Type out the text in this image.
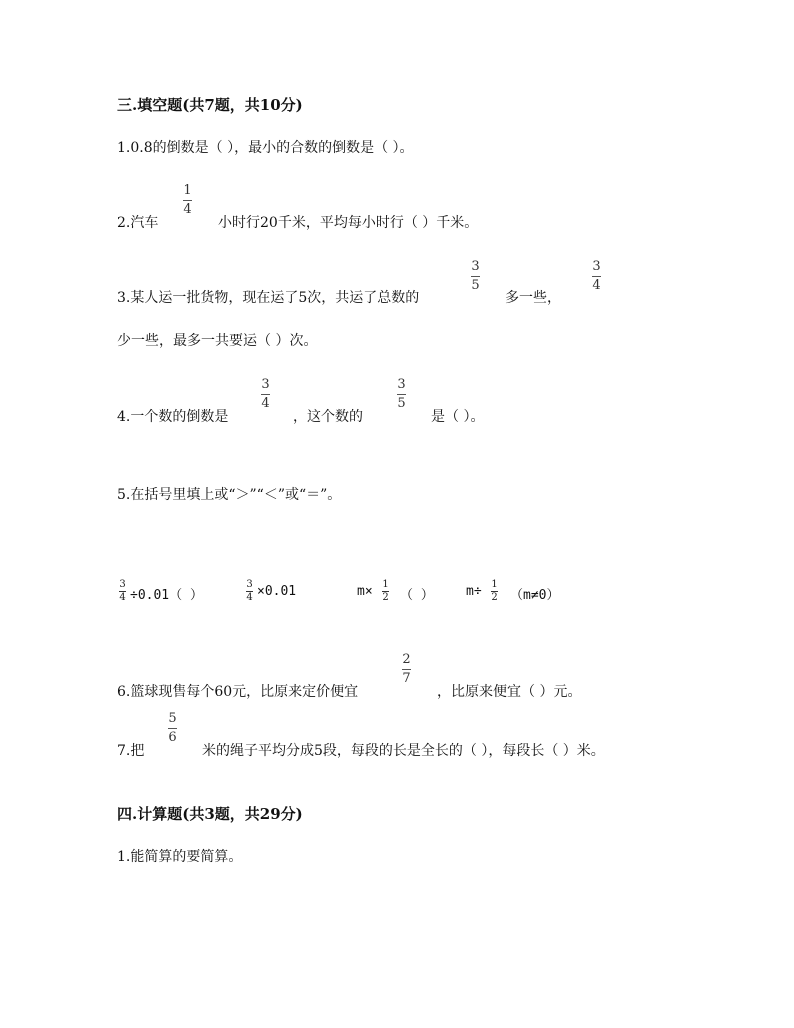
三.填空题(共7题，共10分)
1.0.8的倒数是（ ），最小的合数的倒数是（ ）。
2.汽车
1
4
小时行20千米，平均每小时行（ ）千米。
3.某人运一批货物，现在运了5次，共运了总数的
3
5
多一些，
3
4
少一些，最多一共要运（ ）次。
4.一个数的倒数是
3
4
，这个数的
3
5
是（ ）。
5.在括号里填上或“＞”“＜”或“＝”。
3
4 ÷0.01（ ）
3
4 ×0.01	m× 1
2 （ ） m÷ 1
2 （m≠0）
6.篮球现售每个60元，比原来定价便宜
2
7
，比原来便宜（ ）元。
7.把
5
6
米的绳子平均分成5段，每段的长是全长的（ ），每段长（ ）米。
四.计算题(共3题，共29分)
1.能简算的要简算。
